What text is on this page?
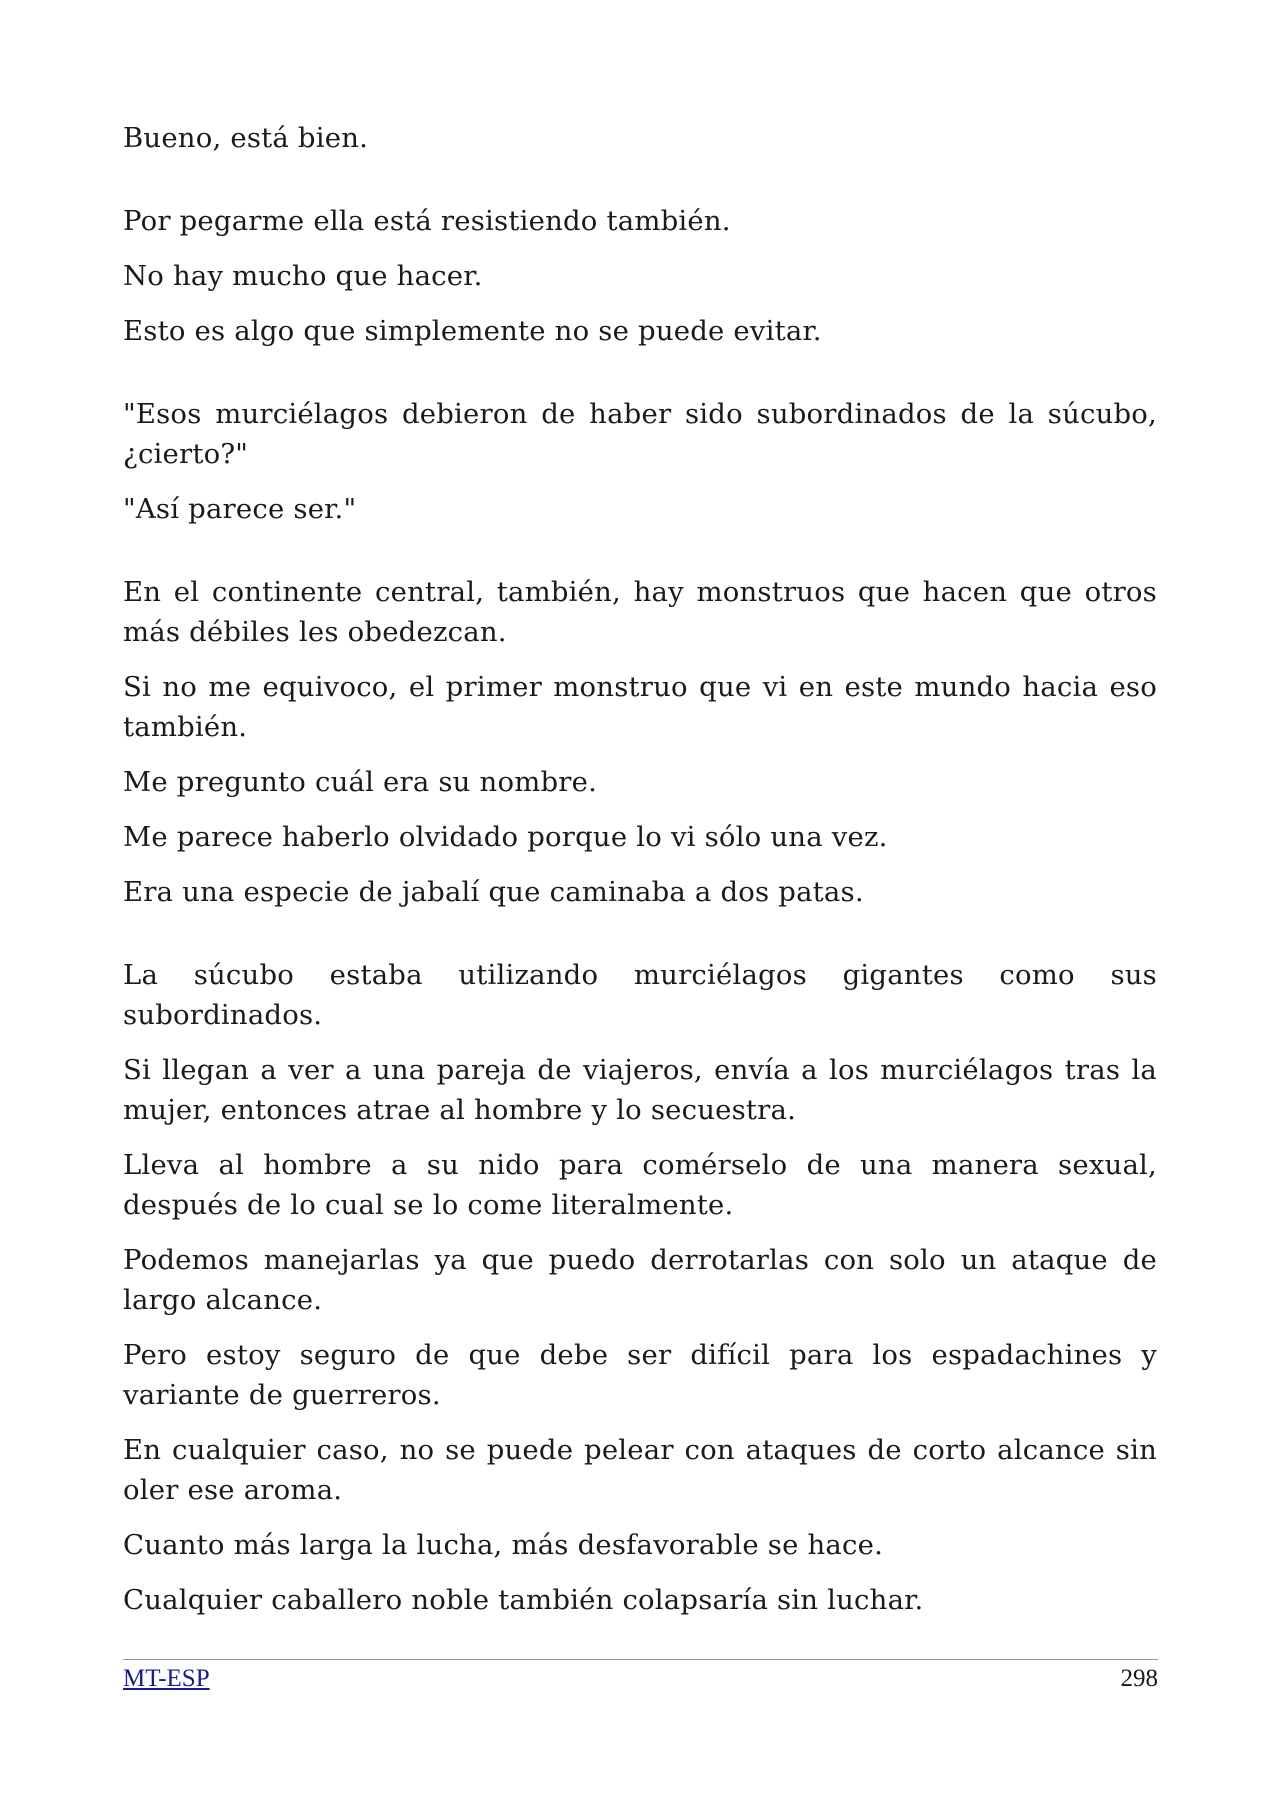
Bueno, está bien.

Por pegarme ella está resistiendo también.

No hay mucho que hacer.

Esto es algo que simplemente no se puede evitar.

"Esos murciélagos debieron de haber sido subordinados de la súcubo, ¿cierto?"

"Así parece ser."

En el continente central, también, hay monstruos que hacen que otros más débiles les obedezcan.

Si no me equivoco, el primer monstruo que vi en este mundo hacia eso también.

Me pregunto cuál era su nombre.

Me parece haberlo olvidado porque lo vi sólo una vez.

Era una especie de jabalí que caminaba a dos patas.

La súcubo estaba utilizando murciélagos gigantes como sus subordinados.

Si llegan a ver a una pareja de viajeros, envía a los murciélagos tras la mujer, entonces atrae al hombre y lo secuestra.

Lleva al hombre a su nido para comérselo de una manera sexual, después de lo cual se lo come literalmente.

Podemos manejarlas ya que puedo derrotarlas con solo un ataque de largo alcance.

Pero estoy seguro de que debe ser difícil para los espadachines y variante de guerreros.

En cualquier caso, no se puede pelear con ataques de corto alcance sin oler ese aroma.

Cuanto más larga la lucha, más desfavorable se hace.

Cualquier caballero noble también colapsaría sin luchar.

MT-ESP	298
